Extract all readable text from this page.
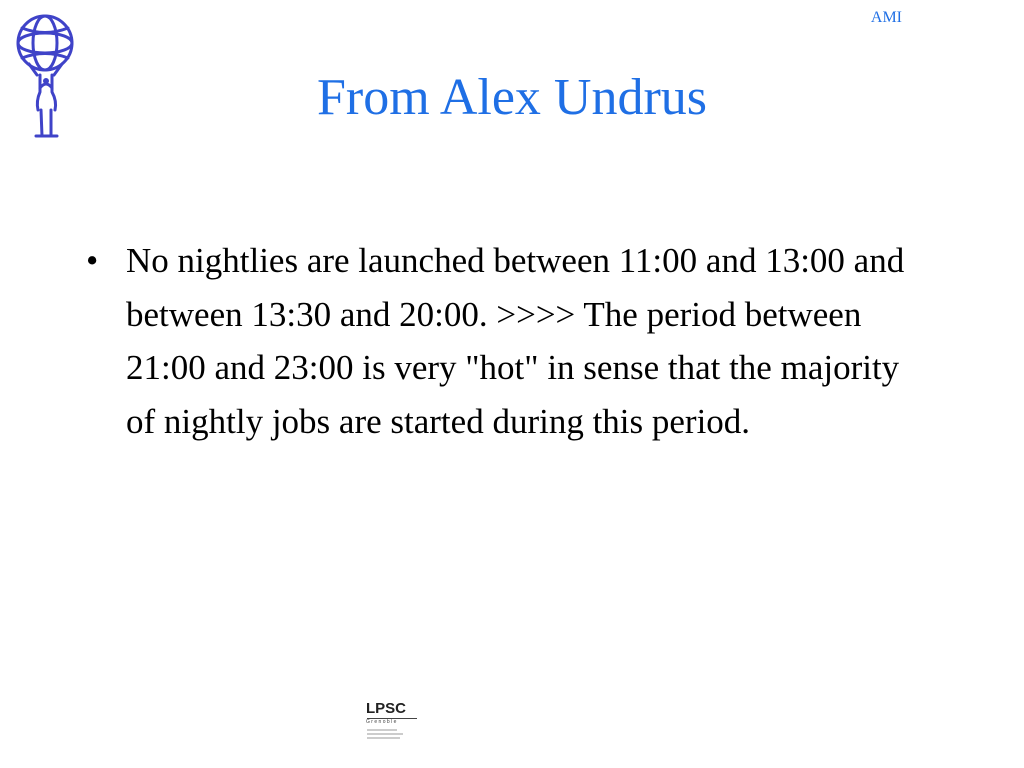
AMI
From Alex Undrus
• No nightlies are launched between 11:00 and 13:00 and between 13:30 and 20:00. >>>> The period between 21:00 and 23:00 is very "hot" in sense that the majority of nightly jobs are started during this period.
LPSC
Grenoble
